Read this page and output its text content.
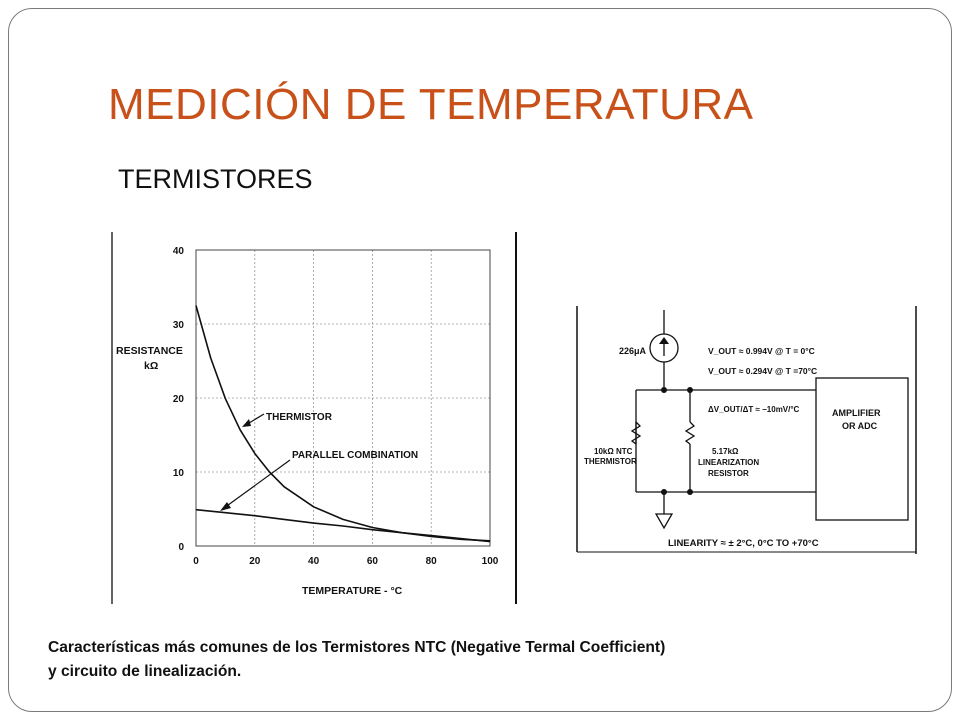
MEDICIÓN DE TEMPERATURA
TERMISTORES
0	20	40	60	80	100
0
10
20
30
40
RESISTANCE
kΩ
TEMPERATURE - °C
THERMISTOR
PARALLEL COMBINATION
226μA	V_OUT ≈ 0.994V @ T = 0°C
V_OUT ≈ 0.294V @ T =70°C
ΔV_OUT/ΔT ≈ −10mV/°C
10kΩ NTC
THERMISTOR
5.17kΩ
LINEARIZATION
RESISTOR
AMPLIFIER
OR ADC
LINEARITY ≈ ± 2°C, 0°C TO +70°C
Características más comunes de los Termistores NTC (Negative Termal Coefficient)
y circuito de linealización.
